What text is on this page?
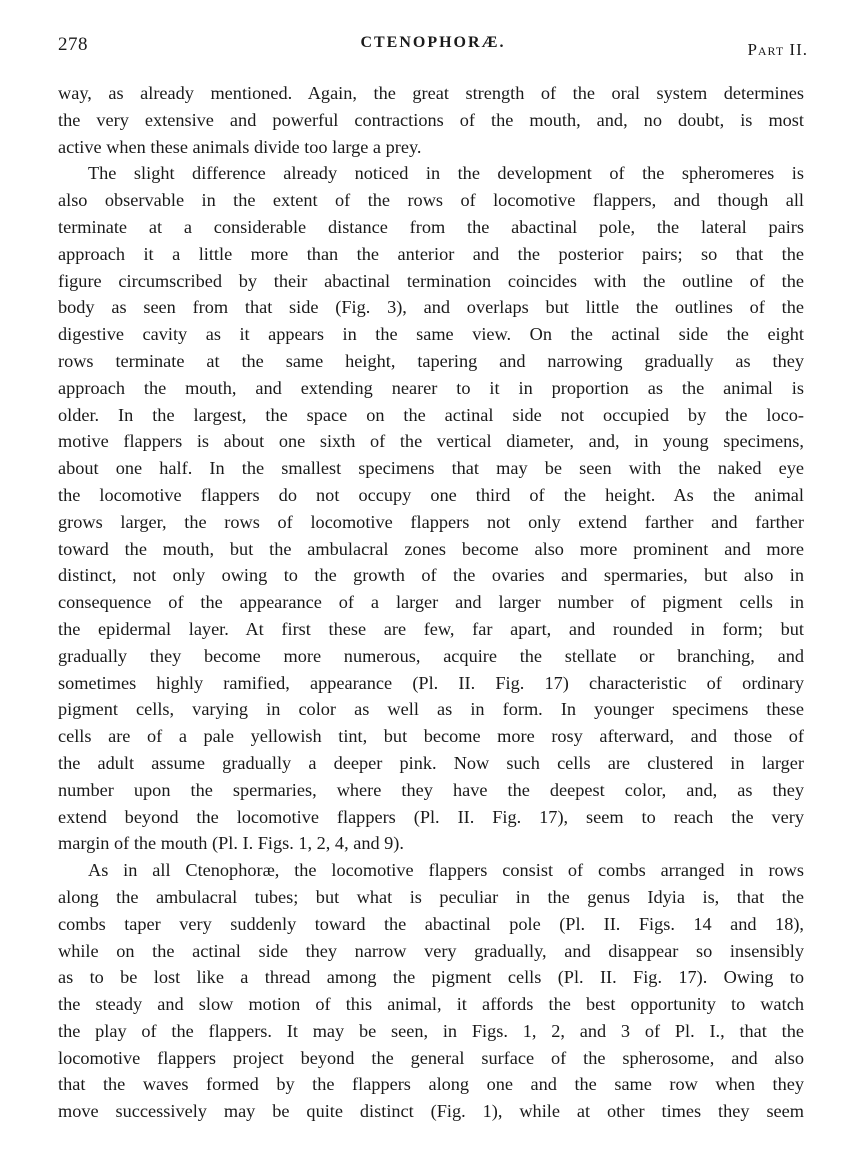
278	CTENOPHORÆ.	Part II.
way, as already mentioned. Again, the great strength of the oral system determines
the very extensive and powerful contractions of the mouth, and, no doubt, is most
active when these animals divide too large a prey.
The slight difference already noticed in the development of the spheromeres is
also observable in the extent of the rows of locomotive flappers, and though all
terminate at a considerable distance from the abactinal pole, the lateral pairs
approach it a little more than the anterior and the posterior pairs; so that the
figure circumscribed by their abactinal termination coincides with the outline of the
body as seen from that side (Fig. 3), and overlaps but little the outlines of the
digestive cavity as it appears in the same view. On the actinal side the eight
rows terminate at the same height, tapering and narrowing gradually as they
approach the mouth, and extending nearer to it in proportion as the animal is
older. In the largest, the space on the actinal side not occupied by the loco-
motive flappers is about one sixth of the vertical diameter, and, in young specimens,
about one half. In the smallest specimens that may be seen with the naked eye
the locomotive flappers do not occupy one third of the height. As the animal
grows larger, the rows of locomotive flappers not only extend farther and farther
toward the mouth, but the ambulacral zones become also more prominent and more
distinct, not only owing to the growth of the ovaries and spermaries, but also in
consequence of the appearance of a larger and larger number of pigment cells in
the epidermal layer. At first these are few, far apart, and rounded in form; but
gradually they become more numerous, acquire the stellate or branching, and
sometimes highly ramified, appearance (Pl. II. Fig. 17) characteristic of ordinary
pigment cells, varying in color as well as in form. In younger specimens these
cells are of a pale yellowish tint, but become more rosy afterward, and those of
the adult assume gradually a deeper pink. Now such cells are clustered in larger
number upon the spermaries, where they have the deepest color, and, as they
extend beyond the locomotive flappers (Pl. II. Fig. 17), seem to reach the very
margin of the mouth (Pl. I. Figs. 1, 2, 4, and 9).
As in all Ctenophoræ, the locomotive flappers consist of combs arranged in rows
along the ambulacral tubes; but what is peculiar in the genus Idyia is, that the
combs taper very suddenly toward the abactinal pole (Pl. II. Figs. 14 and 18),
while on the actinal side they narrow very gradually, and disappear so insensibly
as to be lost like a thread among the pigment cells (Pl. II. Fig. 17). Owing to
the steady and slow motion of this animal, it affords the best opportunity to watch
the play of the flappers. It may be seen, in Figs. 1, 2, and 3 of Pl. I., that the
locomotive flappers project beyond the general surface of the spherosome, and also
that the waves formed by the flappers along one and the same row when they
move successively may be quite distinct (Fig. 1), while at other times they seem
